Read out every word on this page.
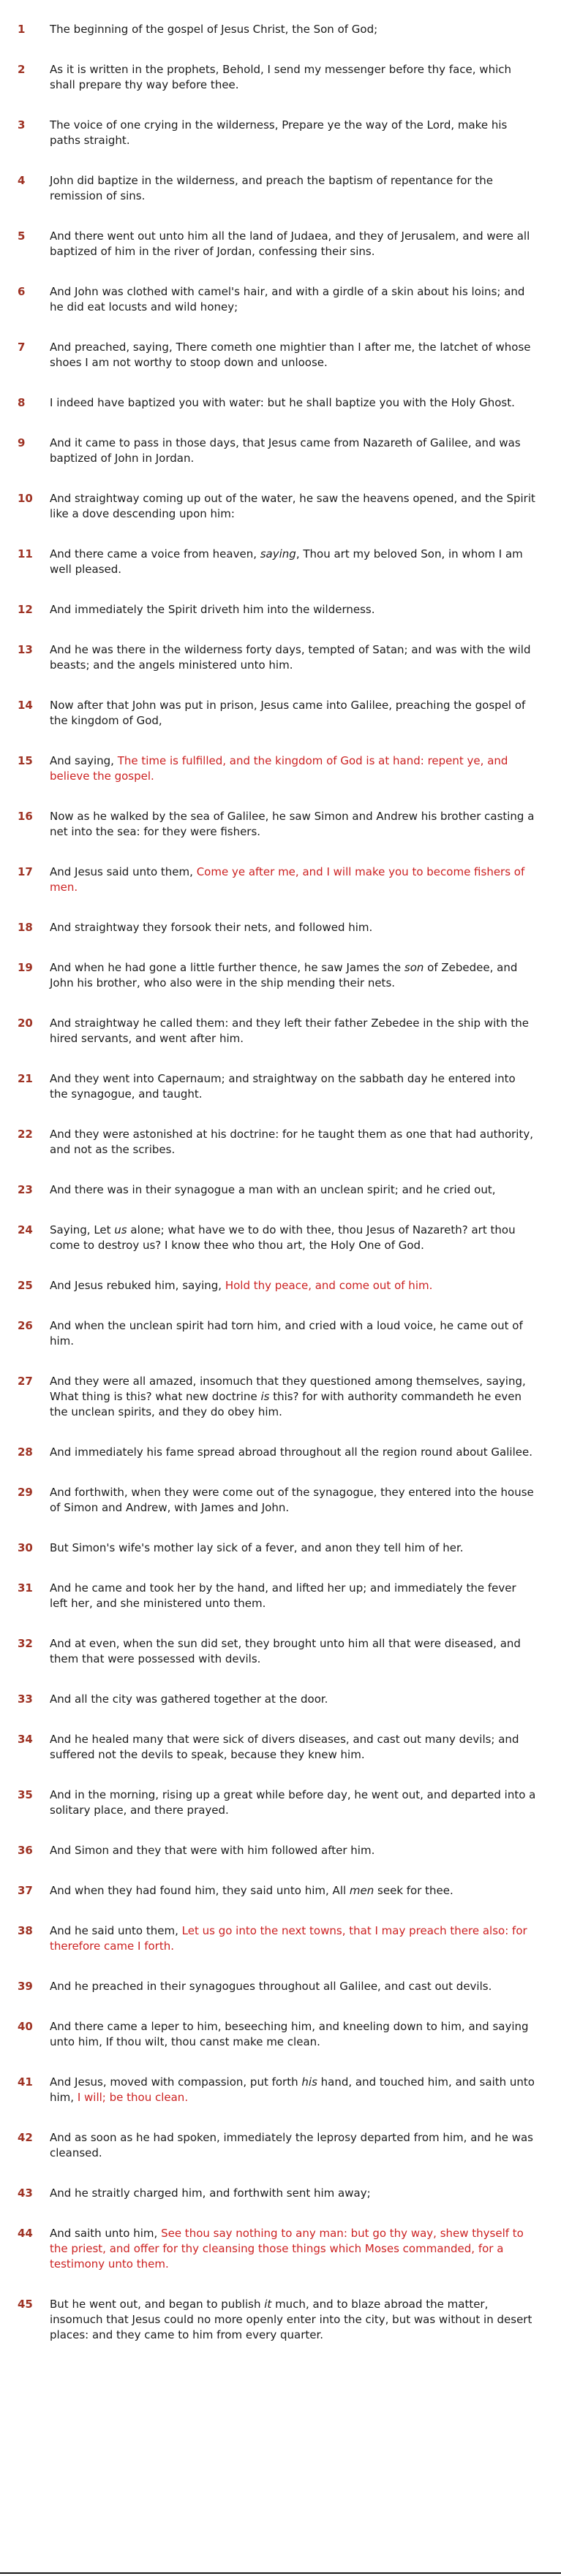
1	The beginning of the gospel of Jesus Christ, the Son of God;
2	As it is written in the prophets, Behold, I send my messenger before thy face, which shall prepare thy way before thee.
3	The voice of one crying in the wilderness, Prepare ye the way of the Lord, make his paths straight.
4	John did baptize in the wilderness, and preach the baptism of repentance for the remission of sins.
5	And there went out unto him all the land of Judaea, and they of Jerusalem, and were all baptized of him in the river of Jordan, confessing their sins.
6	And John was clothed with camel's hair, and with a girdle of a skin about his loins; and he did eat locusts and wild honey;
7	And preached, saying, There cometh one mightier than I after me, the latchet of whose shoes I am not worthy to stoop down and unloose.
8	I indeed have baptized you with water: but he shall baptize you with the Holy Ghost.
9	And it came to pass in those days, that Jesus came from Nazareth of Galilee, and was baptized of John in Jordan.
10	And straightway coming up out of the water, he saw the heavens opened, and the Spirit like a dove descending upon him:
11	And there came a voice from heaven, saying, Thou art my beloved Son, in whom I am well pleased.
12	And immediately the Spirit driveth him into the wilderness.
13	And he was there in the wilderness forty days, tempted of Satan; and was with the wild beasts; and the angels ministered unto him.
14	Now after that John was put in prison, Jesus came into Galilee, preaching the gospel of the kingdom of God,
15	And saying, The time is fulfilled, and the kingdom of God is at hand: repent ye, and believe the gospel.
16	Now as he walked by the sea of Galilee, he saw Simon and Andrew his brother casting a net into the sea: for they were fishers.
17	And Jesus said unto them, Come ye after me, and I will make you to become fishers of men.
18	And straightway they forsook their nets, and followed him.
19	And when he had gone a little further thence, he saw James the son of Zebedee, and John his brother, who also were in the ship mending their nets.
20	And straightway he called them: and they left their father Zebedee in the ship with the hired servants, and went after him.
21	And they went into Capernaum; and straightway on the sabbath day he entered into the synagogue, and taught.
22	And they were astonished at his doctrine: for he taught them as one that had authority, and not as the scribes.
23	And there was in their synagogue a man with an unclean spirit; and he cried out,
24	Saying, Let us alone; what have we to do with thee, thou Jesus of Nazareth? art thou come to destroy us? I know thee who thou art, the Holy One of God.
25	And Jesus rebuked him, saying, Hold thy peace, and come out of him.
26	And when the unclean spirit had torn him, and cried with a loud voice, he came out of him.
27	And they were all amazed, insomuch that they questioned among themselves, saying, What thing is this? what new doctrine is this? for with authority commandeth he even the unclean spirits, and they do obey him.
28	And immediately his fame spread abroad throughout all the region round about Galilee.
29	And forthwith, when they were come out of the synagogue, they entered into the house of Simon and Andrew, with James and John.
30	But Simon's wife's mother lay sick of a fever, and anon they tell him of her.
31	And he came and took her by the hand, and lifted her up; and immediately the fever left her, and she ministered unto them.
32	And at even, when the sun did set, they brought unto him all that were diseased, and them that were possessed with devils.
33	And all the city was gathered together at the door.
34	And he healed many that were sick of divers diseases, and cast out many devils; and suffered not the devils to speak, because they knew him.
35	And in the morning, rising up a great while before day, he went out, and departed into a solitary place, and there prayed.
36	And Simon and they that were with him followed after him.
37	And when they had found him, they said unto him, All men seek for thee.
38	And he said unto them, Let us go into the next towns, that I may preach there also: for therefore came I forth.
39	And he preached in their synagogues throughout all Galilee, and cast out devils.
40	And there came a leper to him, beseeching him, and kneeling down to him, and saying unto him, If thou wilt, thou canst make me clean.
41	And Jesus, moved with compassion, put forth his hand, and touched him, and saith unto him, I will; be thou clean.
42	And as soon as he had spoken, immediately the leprosy departed from him, and he was cleansed.
43	And he straitly charged him, and forthwith sent him away;
44	And saith unto him, See thou say nothing to any man: but go thy way, shew thyself to the priest, and offer for thy cleansing those things which Moses commanded, for a testimony unto them.
45	But he went out, and began to publish it much, and to blaze abroad the matter, insomuch that Jesus could no more openly enter into the city, but was without in desert places: and they came to him from every quarter.
